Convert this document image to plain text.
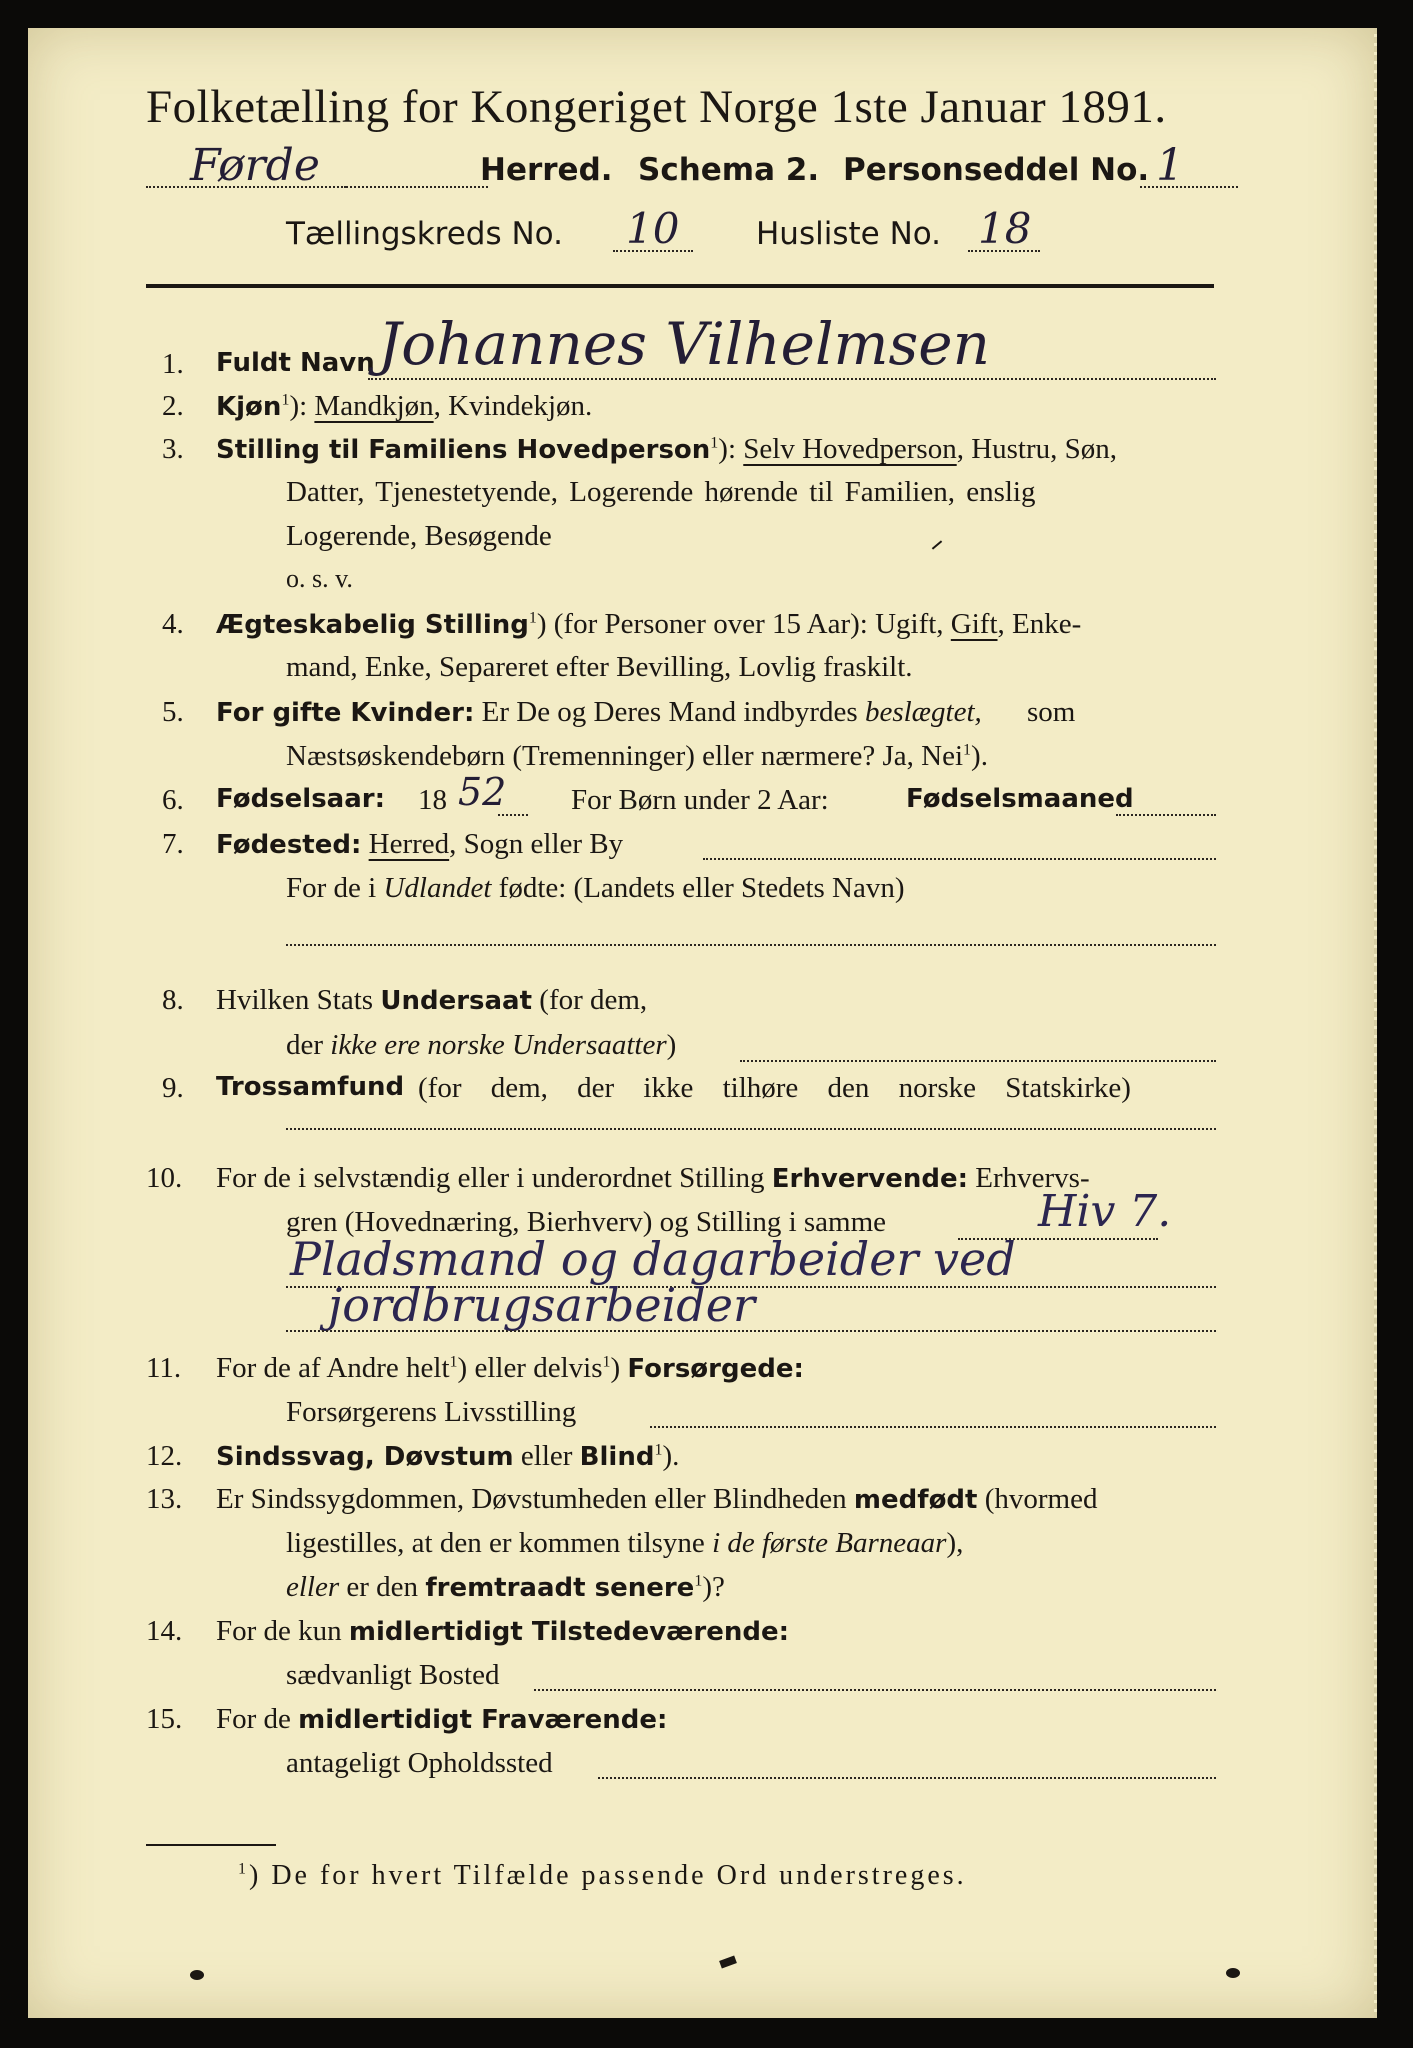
Folketælling for Kongeriget Norge 1ste Januar 1891.
Førde	Herred. Schema 2. Personseddel No. 1
Tællingskreds No. 10 Husliste No. 18
1. Fuldt Navn Johannes Vilhelmsen
2. Kjøn$^1$): Mandkjøn, Kvindekjøn.
3. Stilling til Familiens Hovedperson$^1$): Selv Hovedperson, Hustru, Søn,
Datter, Tjenestetyende, Logerende hørende til Familien, enslig
Logerende, Besøgende
o. s. v.
4. Ægteskabelig Stilling$^1$) (for Personer over 15 Aar): Ugift, Gift, Enke-
mand, Enke, Separeret efter Bevilling, Lovlig fraskilt.
5. For gifte Kvinder: Er De og Deres Mand indbyrdes beslægtet, som
Næstsøskendebørn (Tremenninger) eller nærmere? Ja, Nei$^1$).
6. Fødselsaar: 18 52 For Børn under 2 Aar:	Fødselsmaaned
7. Fødested: Herred, Sogn eller By
For de i Udlandet fødte: (Landets eller Stedets Navn)
8. Hvilken Stats Undersaat (for dem,
der ikke ere norske Undersaatter)
9. Trossamfund (for dem, der ikke tilhøre den norske Statskirke)
10. For de i selvstændig eller i underordnet Stilling Erhvervende: Erhvervs-
gren (Hovednæring, Bierhverv) og Stilling i samme	Hiv 7.
Pladsmand og dagarbeider ved
jordbrugsarbeider
11. For de af Andre helt$^1$) eller delvis$^1$) Forsørgede:
Forsørgerens Livsstilling
12. Sindssvag, Døvstum eller Blind$^1$).
13. Er Sindssygdommen, Døvstumheden eller Blindheden medfødt (hvormed
ligestilles, at den er kommen tilsyne i de første Barneaar),
eller er den fremtraadt senere$^1$)?
14. For de kun midlertidigt Tilstedeværende:
sædvanligt Bosted
15. For de midlertidigt Fraværende:
antageligt Opholdssted
$^1$) De for hvert Tilfælde passende Ord understreges.
